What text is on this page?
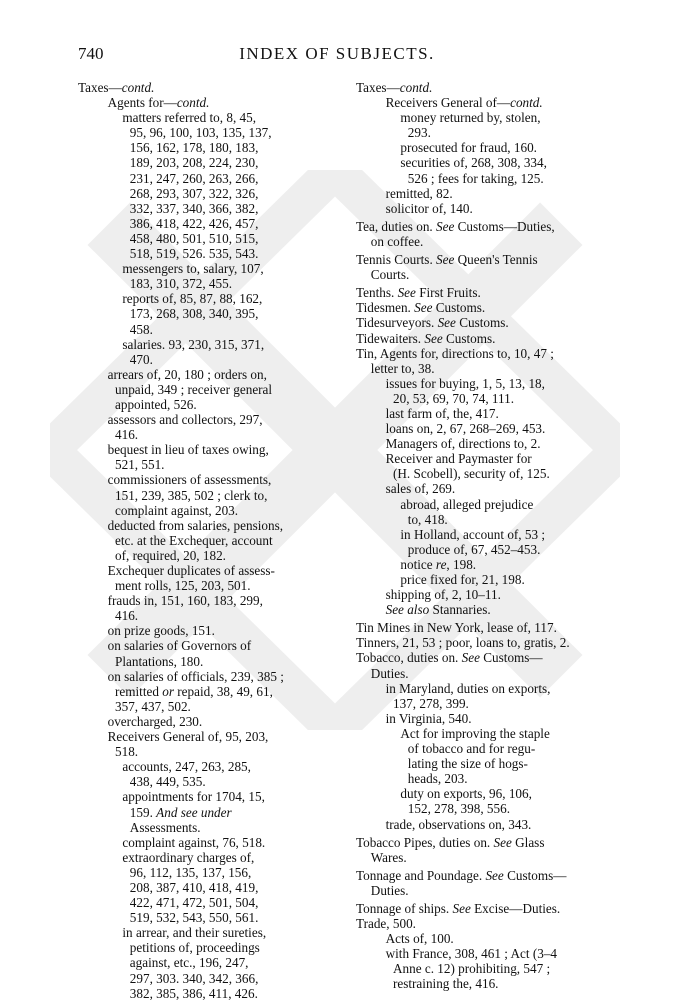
740	INDEX OF SUBJECTS.
Taxes—contd.
Agents for—contd.
matters referred to, 8, 45,
95, 96, 100, 103, 135, 137,
156, 162, 178, 180, 183,
189, 203, 208, 224, 230,
231, 247, 260, 263, 266,
268, 293, 307, 322, 326,
332, 337, 340, 366, 382,
386, 418, 422, 426, 457,
458, 480, 501, 510, 515,
518, 519, 526. 535, 543.
messengers to, salary, 107,
183, 310, 372, 455.
reports of, 85, 87, 88, 162,
173, 268, 308, 340, 395,
458.
salaries. 93, 230, 315, 371,
470.
arrears of, 20, 180 ; orders on,
unpaid, 349 ; receiver general
appointed, 526.
assessors and collectors, 297,
416.
bequest in lieu of taxes owing,
521, 551.
commissioners of assessments,
151, 239, 385, 502 ; clerk to,
complaint against, 203.
deducted from salaries, pensions,
etc. at the Exchequer, account
of, required, 20, 182.
Exchequer duplicates of assess-
ment rolls, 125, 203, 501.
frauds in, 151, 160, 183, 299,
416.
on prize goods, 151.
on salaries of Governors of
Plantations, 180.
on salaries of officials, 239, 385 ;
remitted or repaid, 38, 49, 61,
357, 437, 502.
overcharged, 230.
Receivers General of, 95, 203,
518.
accounts, 247, 263, 285,
438, 449, 535.
appointments for 1704, 15,
159. And see under
Assessments.
complaint against, 76, 518.
extraordinary charges of,
96, 112, 135, 137, 156,
208, 387, 410, 418, 419,
422, 471, 472, 501, 504,
519, 532, 543, 550, 561.
in arrear, and their sureties,
petitions of, proceedings
against, etc., 196, 247,
297, 303. 340, 342, 366,
382, 385, 386, 411, 426.
Taxes—contd.
Receivers General of—contd.
money returned by, stolen,
293.
prosecuted for fraud, 160.
securities of, 268, 308, 334,
526 ; fees for taking, 125.
remitted, 82.
solicitor of, 140.
Tea, duties on. See Customs—Duties,
on coffee.
Tennis Courts. See Queen's Tennis
Courts.
Tenths. See First Fruits.
Tidesmen. See Customs.
Tidesurveyors. See Customs.
Tidewaiters. See Customs.
Tin, Agents for, directions to, 10, 47 ;
letter to, 38.
issues for buying, 1, 5, 13, 18,
20, 53, 69, 70, 74, 111.
last farm of, the, 417.
loans on, 2, 67, 268–269, 453.
Managers of, directions to, 2.
Receiver and Paymaster for
(H. Scobell), security of, 125.
sales of, 269.
abroad, alleged prejudice
to, 418.
in Holland, account of, 53 ;
produce of, 67, 452–453.
notice re, 198.
price fixed for, 21, 198.
shipping of, 2, 10–11.
See also Stannaries.
Tin Mines in New York, lease of, 117.
Tinners, 21, 53 ; poor, loans to, gratis, 2.
Tobacco, duties on. See Customs—
Duties.
in Maryland, duties on exports,
137, 278, 399.
in Virginia, 540.
Act for improving the staple
of tobacco and for regu-
lating the size of hogs-
heads, 203.
duty on exports, 96, 106,
152, 278, 398, 556.
trade, observations on, 343.
Tobacco Pipes, duties on. See Glass
Wares.
Tonnage and Poundage. See Customs—
Duties.
Tonnage of ships. See Excise—Duties.
Trade, 500.
Acts of, 100.
with France, 308, 461 ; Act (3–4
Anne c. 12) prohibiting, 547 ;
restraining the, 416.
